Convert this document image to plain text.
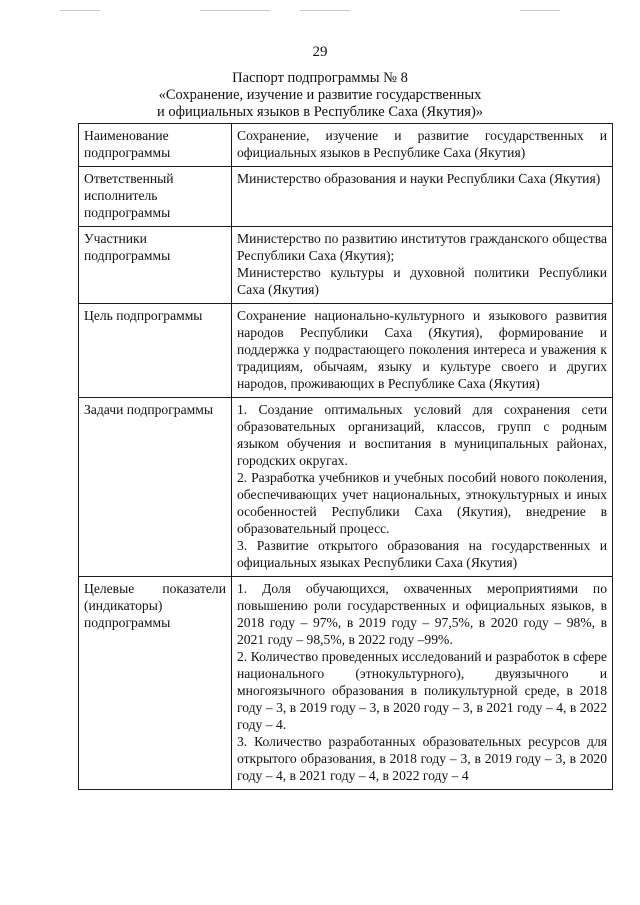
29
Паспорт подпрограммы № 8
«Сохранение, изучение и развитие государственных
и официальных языков в Республике Саха (Якутия)»
Наименование подпрограммы	Сохранение, изучение и развитие государственных и официальных языков в Республике Саха (Якутия)

Ответственный исполнитель подпрограммы	Министерство образования и науки Республики Саха (Якутия)

Участники подпрограммы	Министерство по развитию институтов гражданского общества Республики Саха (Якутия);
Министерство культуры и духовной политики Республики Саха (Якутия)

Цель подпрограммы	Сохранение национально-культурного и языкового развития народов Республики Саха (Якутия), формирование и поддержка у подрастающего поколения интереса и уважения к традициям, обычаям, языку и культуре своего и других народов, проживающих в Республике Саха (Якутия)

Задачи подпрограммы	1. Создание оптимальных условий для сохранения сети образовательных организаций, классов, групп с родным языком обучения и воспитания в муниципальных районах, городских округах.
2. Разработка учебников и учебных пособий нового поколения, обеспечивающих учет национальных, этнокультурных и иных особенностей Республики Саха (Якутия), внедрение в образовательный процесс.
3. Развитие открытого образования на государственных и официальных языках Республики Саха (Якутия)

Целевые показатели (индикаторы) подпрограммы	1. Доля обучающихся, охваченных мероприятиями по повышению роли государственных и официальных языков, в 2018 году – 97%, в 2019 году – 97,5%, в 2020 году – 98%, в 2021 году – 98,5%, в 2022 году –99%.
2. Количество проведенных исследований и разработок в сфере национального (этнокультурного), двуязычного и многоязычного образования в поликультурной среде, в 2018 году – 3, в 2019 году – 3, в 2020 году – 3, в 2021 году – 4, в 2022 году – 4.
3. Количество разработанных образовательных ресурсов для открытого образования, в 2018 году – 3, в 2019 году – 3, в 2020 году – 4, в 2021 году – 4, в 2022 году – 4
